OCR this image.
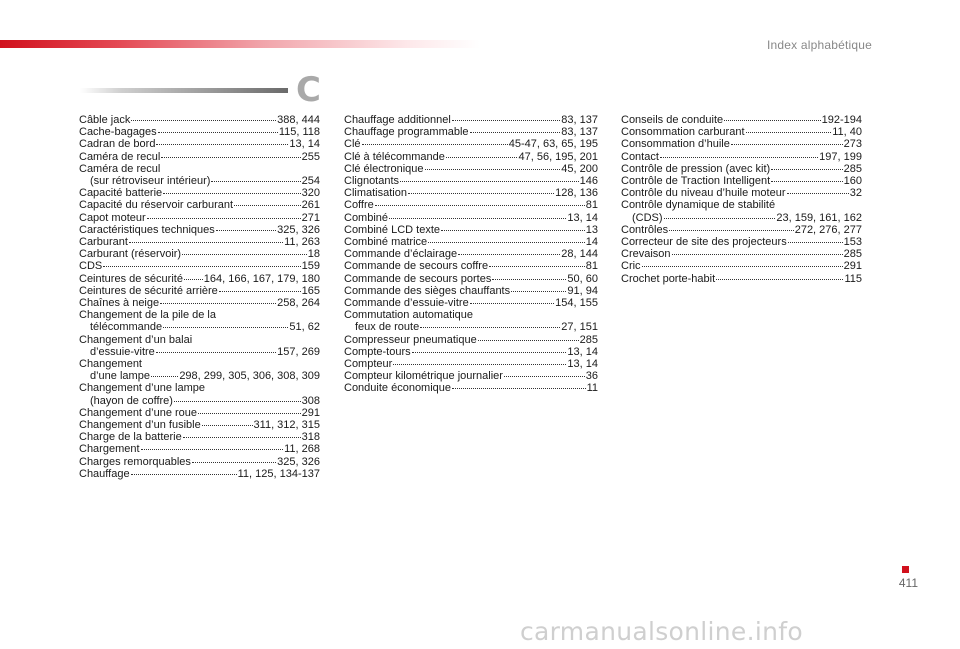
Index alphabétique
C
Câble jack	388, 444
Cache-bagages	115, 118
Cadran de bord	13, 14
Caméra de recul	255
Caméra de recul
(sur rétroviseur intérieur)	254
Capacité batterie	320
Capacité du réservoir carburant	261
Capot moteur	271
Caractéristiques techniques	325, 326
Carburant	11, 263
Carburant (réservoir)	18
CDS	159
Ceintures de sécurité 164, 166, 167, 179, 180
Ceintures de sécurité arrière	165
Chaînes à neige	258, 264
Changement de la pile de la
télécommande	51, 62
Changement d’un balai
d’essuie-vitre	157, 269
Changement
d’une lampe	298, 299, 305, 306, 308, 309
Changement d’une lampe
(hayon de coffre)	308
Changement d’une roue	291
Changement d’un fusible	311, 312, 315
Charge de la batterie	318
Chargement	11, 268
Charges remorquables	325, 326
Chauffage	11, 125, 134-137
Chauffage additionnel	83, 137
Chauffage programmable	83, 137
Clé	45-47, 63, 65, 195
Clé à télécommande	47, 56, 195, 201
Clé électronique	45, 200
Clignotants	146
Climatisation	128, 136
Coffre	81
Combiné	13, 14
Combiné LCD texte	13
Combiné matrice	14
Commande d’éclairage	28, 144
Commande de secours coffre	81
Commande de secours portes	50, 60
Commande des sièges chauffants	91, 94
Commande d’essuie-vitre	154, 155
Commutation automatique
feux de route	27, 151
Compresseur pneumatique	285
Compte-tours	13, 14
Compteur	13, 14
Compteur kilométrique journalier	36
Conduite économique	11
Conseils de conduite	192-194
Consommation carburant	11, 40
Consommation d’huile	273
Contact	197, 199
Contrôle de pression (avec kit)	285
Contrôle de Traction Intelligent	160
Contrôle du niveau d’huile moteur	32
Contrôle dynamique de stabilité
(CDS)	23, 159, 161, 162
Contrôles	272, 276, 277
Correcteur de site des projecteurs	153
Crevaison	285
Cric	291
Crochet porte-habit	115
411
carmanualsonline.info
